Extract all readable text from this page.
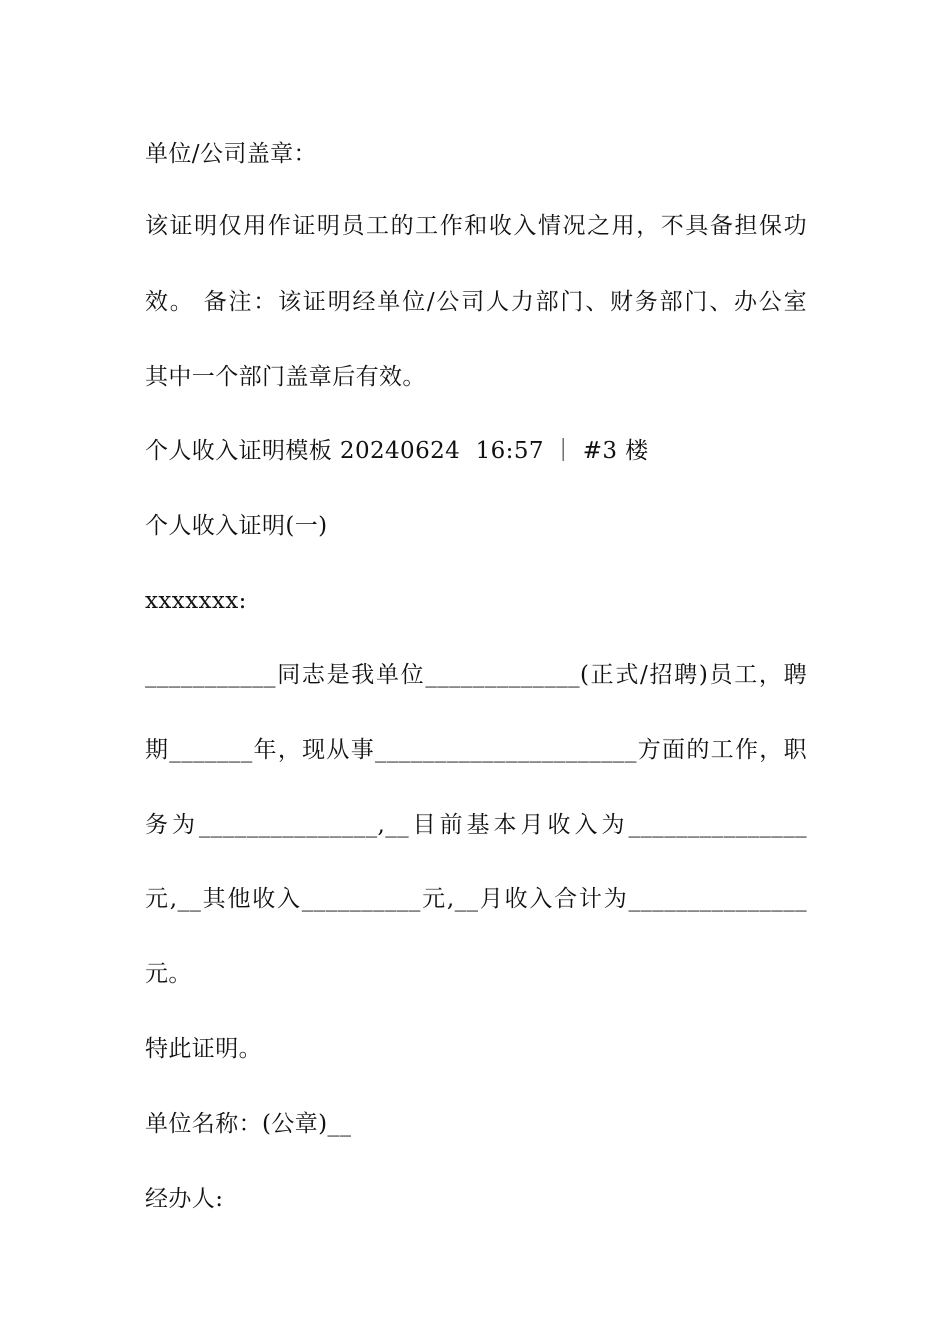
单位/公司盖章：
该证明仅用作证明员工的工作和收入情况之用，不具备担保功
效。 备注：该证明经单位/公司人力部门、财务部门、办公室
其中一个部门盖章后有效。
个人收入证明模板 20240624  16:57 ｜ #3 楼
个人收入证明(一)
xxxxxxx:
___________同志是我单位_____________(正式/招聘)员工，聘
期_______年，现从事______________________方面的工作，职
务为_______________,__目前基本月收入为_______________
元,__其他收入__________元,__月收入合计为_______________
元。
特此证明。
单位名称：(公章)__
经办人:
